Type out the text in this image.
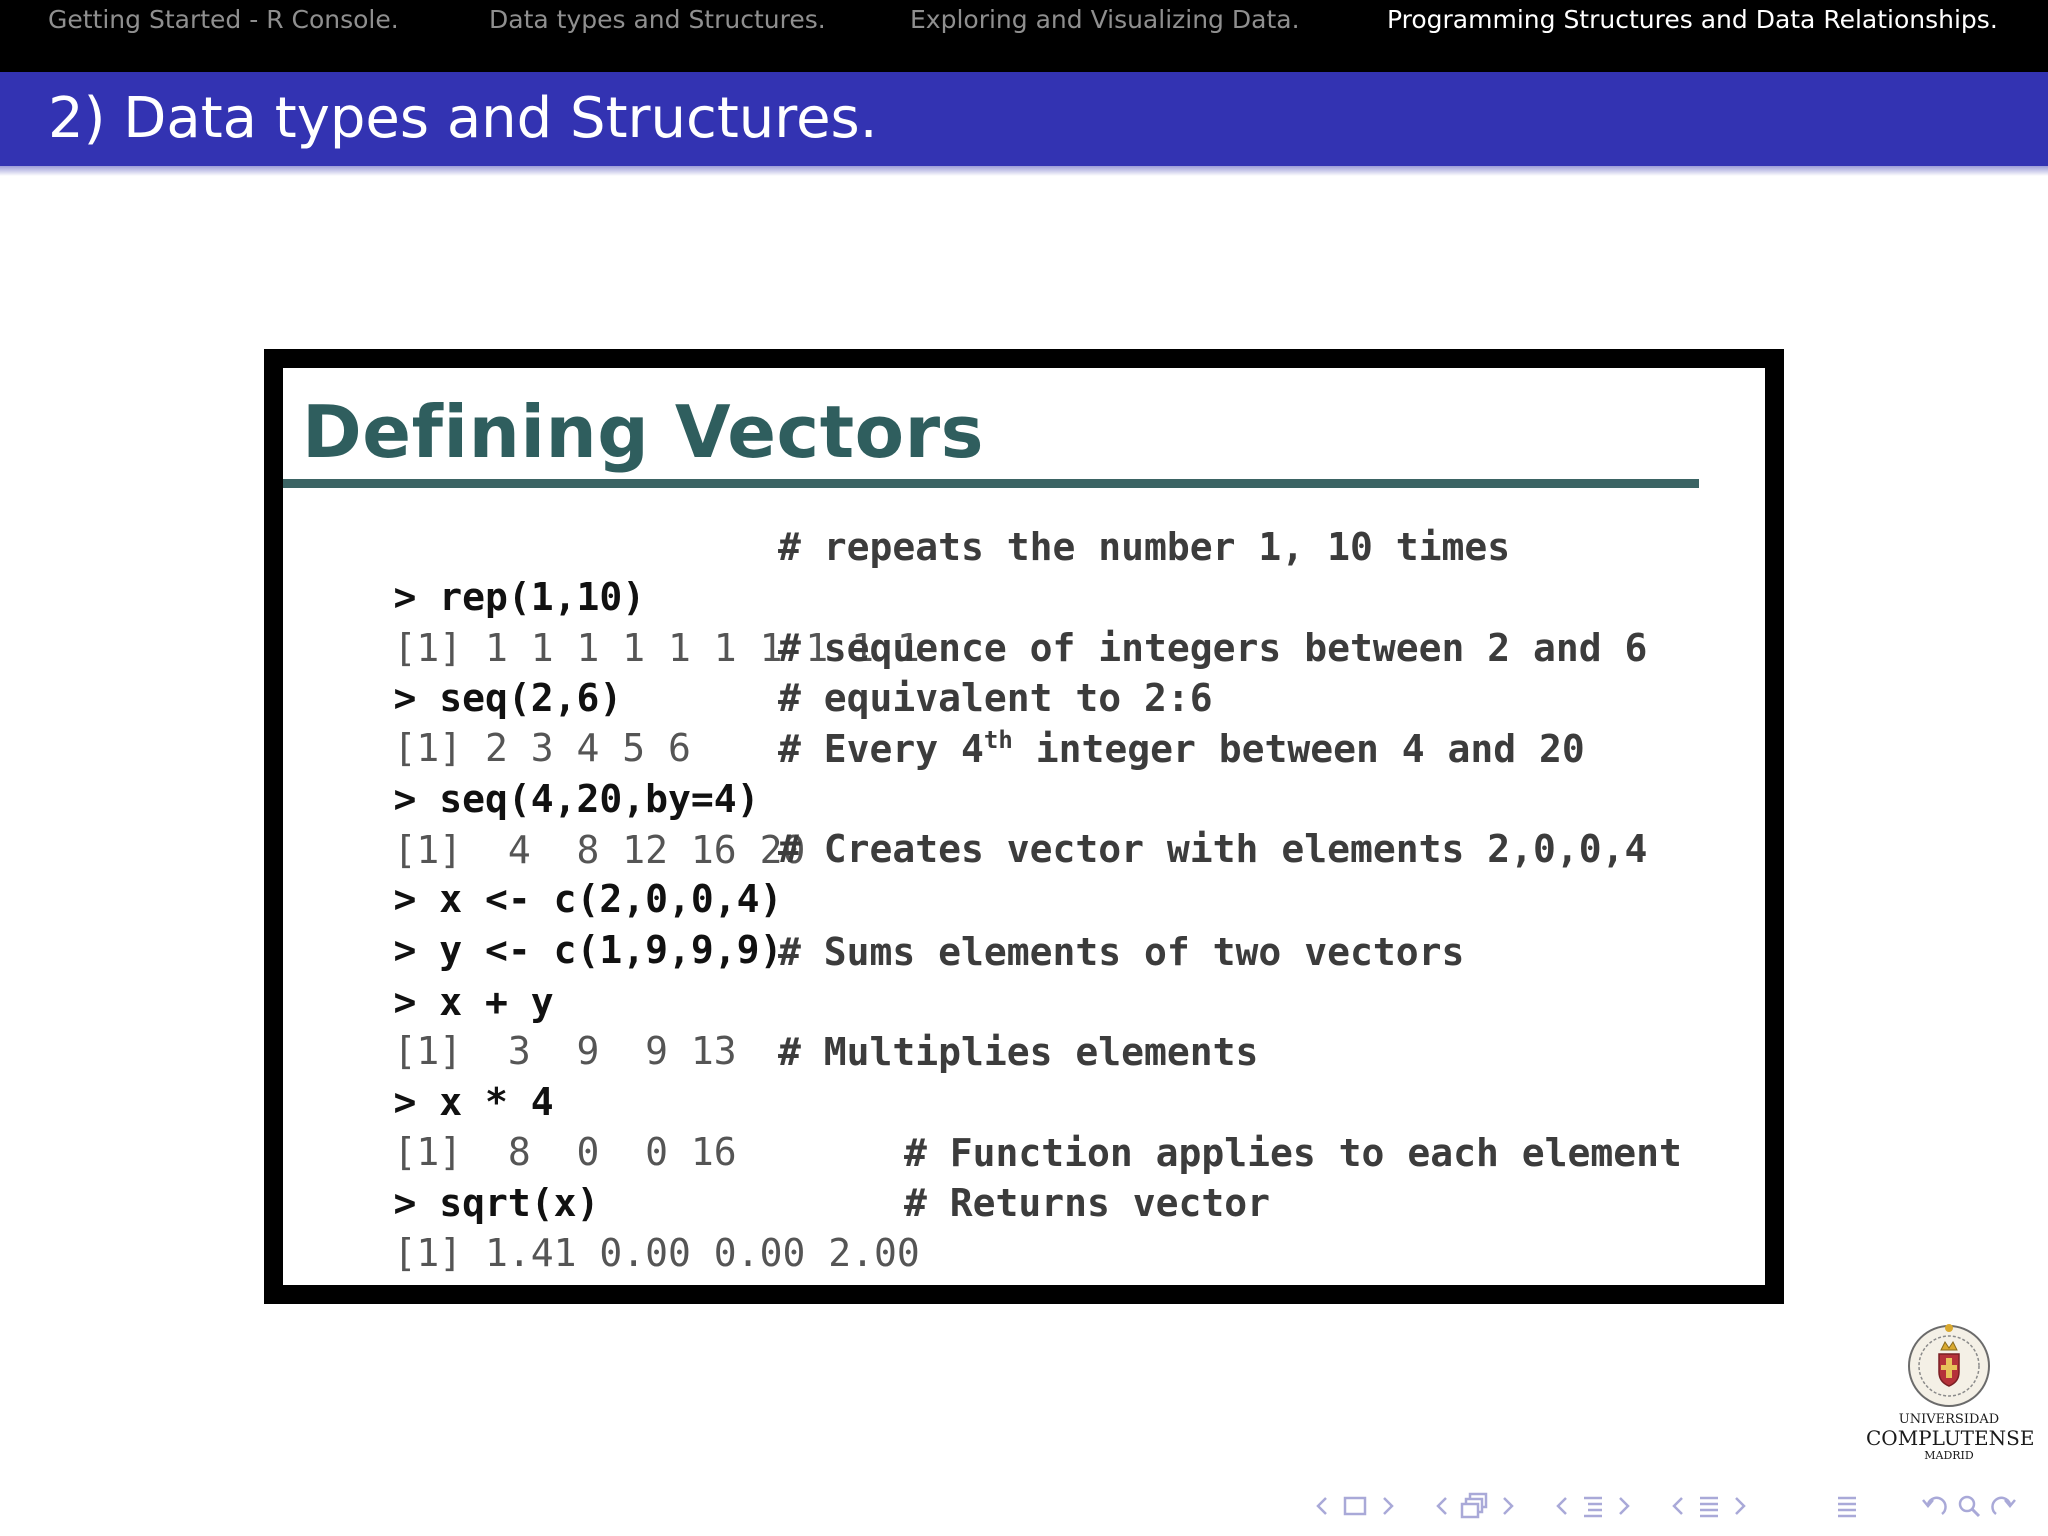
Getting Started - R Console.	Data types and Structures.	Exploring and Visualizing Data.	Programming Structures and Data Relationships.
2) Data types and Structures.
Defining Vectors

> rep(1,10)
# repeats the number 1, 10 times

[1] 1 1 1 1 1 1 1 1 1 1

> seq(2,6)
# sequence of integers between 2 and 6

[1] 2 3 4 5 6
# equivalent to 2:6

> seq(4,20,by=4)
# Every 4th integer between 4 and 20

[1]  4  8 12 16 20

> x <- c(2,0,0,4)
# Creates vector with elements 2,0,0,4

> y <- c(1,9,9,9)

> x + y
# Sums elements of two vectors

[1]  3  9  9 13

> x * 4
# Multiplies elements

[1]  8  0  0 16

> sqrt(x)
# Function applies to each element

[1] 1.41 0.00 0.00 2.00
# Returns vector

UNIVERSIDAD
COMPLUTENSE
MADRID
